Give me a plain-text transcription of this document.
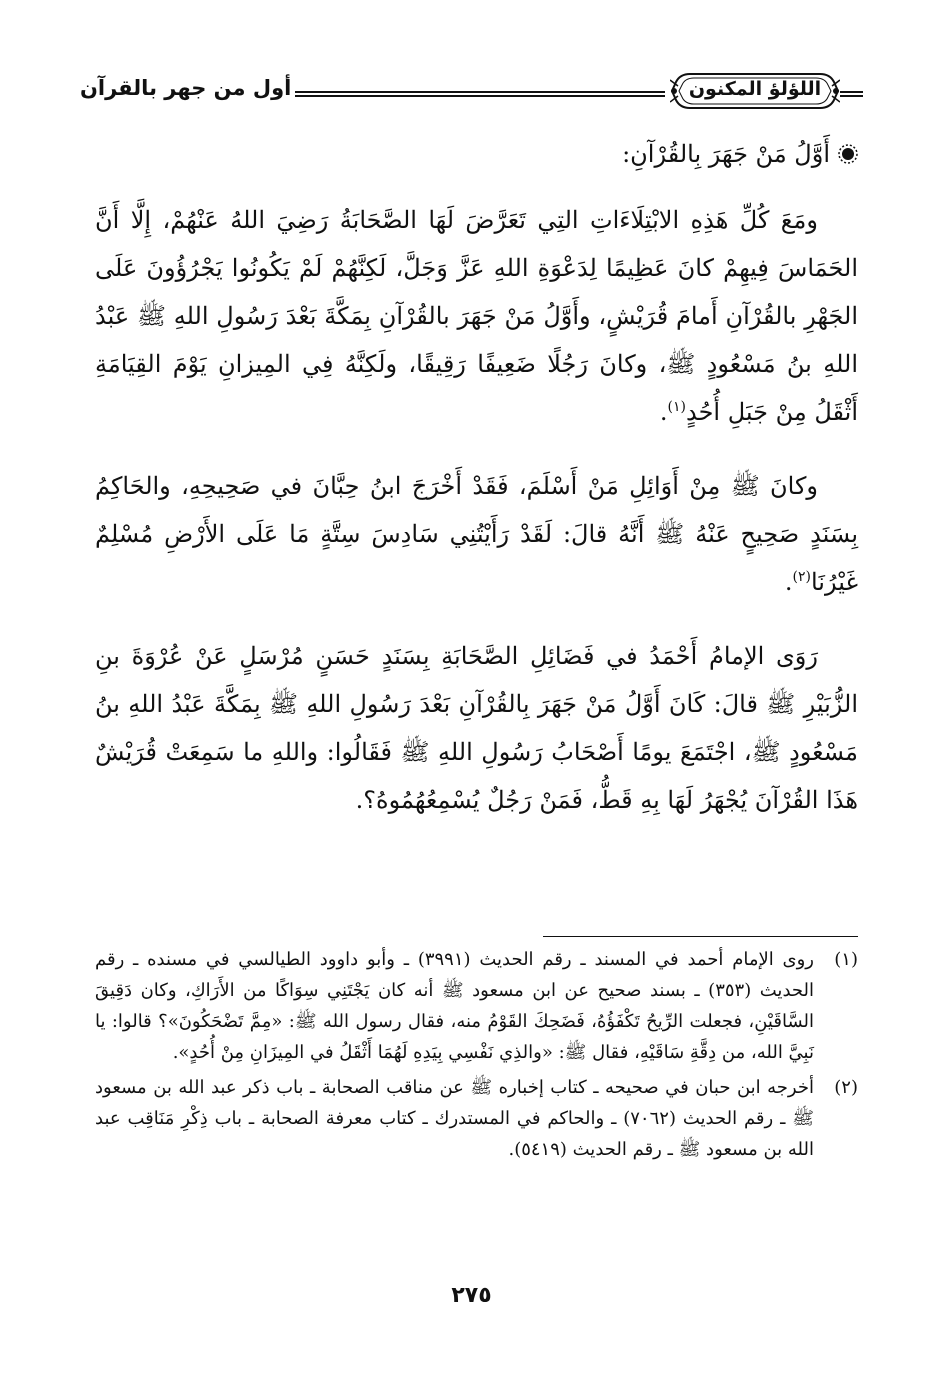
أول من جهر بالقرآن	اللؤلؤ المكنون
أَوَّلُ مَنْ جَهَرَ بِالقُرْآنِ:

ومَعَ كُلِّ هَذِهِ الابْتِلَاءَاتِ التِي تَعَرَّضَ لَهَا الصَّحَابَةُ رَضِيَ اللهُ عَنْهُمْ، إِلَّا أَنَّ الحَمَاسَ فِيهِمْ كانَ عَظِيمًا لِدَعْوَةِ اللهِ عَزَّ وَجَلَّ، لَكِنَّهُمْ لَمْ يَكُونُوا يَجْرُؤُونَ عَلَى الجَهْرِ بالقُرْآنِ أَمامَ قُرَيْشٍ، وأَوَّلُ مَنْ جَهَرَ بالقُرْآنِ بِمَكَّةَ بَعْدَ رَسُولِ اللهِ ﷺ عَبْدُ اللهِ بنُ مَسْعُودٍ ﷺ، وكانَ رَجُلًا ضَعِيفًا رَقِيقًا، ولَكِنَّهُ فِي المِيزانِ يَوْمَ القِيَامَةِ أَثْقَلُ مِنْ جَبَلِ أُحُدٍ$^{(١)}$.

وكانَ ﷺ مِنْ أَوَائِلِ مَنْ أَسْلَمَ، فَقَدْ أَخْرَجَ ابنُ حِبَّانَ في صَحِيحِهِ، والحَاكِمُ بِسَنَدٍ صَحِيحٍ عَنْهُ ﷺ أَنَّهُ قالَ: لَقَدْ رَأَيْتُنِي سَادِسَ سِتَّةٍ مَا عَلَى الأَرْضِ مُسْلِمٌ غَيْرُنَا$^{(٢)}$.

رَوَى الإمامُ أَحْمَدُ في فَضَائِلِ الصَّحَابَةِ بِسَنَدٍ حَسَنٍ مُرْسَلٍ عَنْ عُرْوَةَ بنِ الزُّبَيْرِ ﷺ قالَ: كَانَ أَوَّلُ مَنْ جَهَرَ بِالقُرْآنِ بَعْدَ رَسُولِ اللهِ ﷺ بِمَكَّةَ عَبْدُ اللهِ بنُ مَسْعُودٍ ﷺ، اجْتَمَعَ يومًا أَصْحَابُ رَسُولِ اللهِ ﷺ فَقَالُوا: واللهِ ما سَمِعَتْ قُرَيْشٌ هَذَا القُرْآنَ يُجْهَرُ لَهَا بِهِ قَطُّ، فَمَنْ رَجُلٌ يُسْمِعُهُمُوهُ؟.

(١)
روى الإمام أحمد في المسند ـ رقم الحديث (٣٩٩١) ـ وأبو داوود الطيالسي في مسنده ـ رقم الحديث (٣٥٣) ـ بسند صحيح عن ابن مسعود ﷺ أنه كان يَجْتَنِي سِوَاكًا من الأَرَاكِ، وكان دَقِيقَ السَّاقَيْنِ، فجعلت الرِّيحُ تَكْفَؤُهُ، فَضَحِكَ القَوْمُ منه، فقال رسول الله ﷺ: «مِمَّ تَضْحَكُونَ»؟ قالوا: يا نَبِيَّ الله، من دِقَّةِ سَاقَيْهِ، فقال ﷺ: «والذِي نَفْسِي بِيَدِهِ لَهُمَا أَثْقَلُ في المِيزَانِ مِنْ أُحُدٍ».
(٢)
أخرجه ابن حبان في صحيحه ـ كتاب إخباره ﷺ عن مناقب الصحابة ـ باب ذكر عبد الله بن مسعود ﷺ ـ رقم الحديث (٧٠٦٢) ـ والحاكم في المستدرك ـ كتاب معرفة الصحابة ـ باب ذِكْرِ مَنَاقِب عبد الله بن مسعود ﷺ ـ رقم الحديث (٥٤١٩).
٢٧٥
